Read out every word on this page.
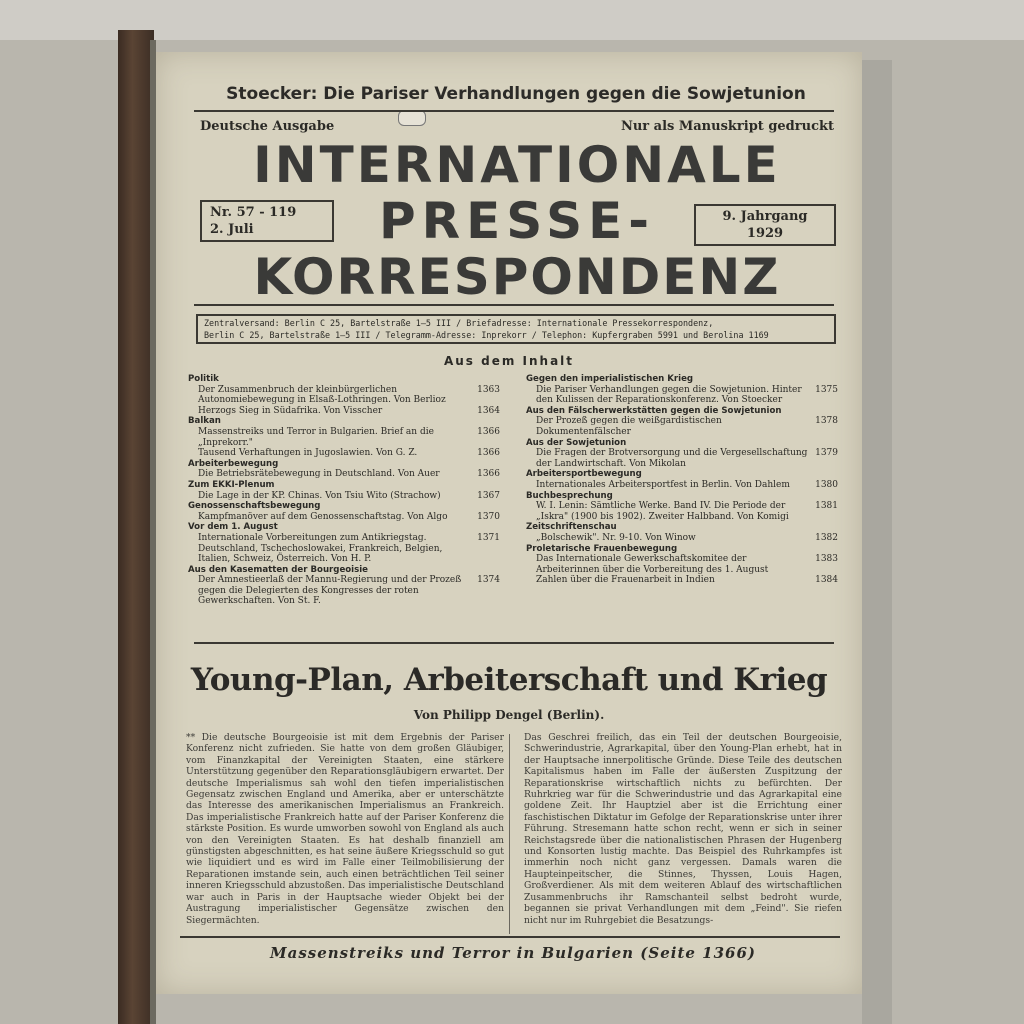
Stoecker: Die Pariser Verhandlungen gegen die Sowjetunion
Deutsche Ausgabe	Nur als Manuskript gedruckt
INTERNATIONALE
PRESSE-
KORRESPONDENZ
Nr. 57 - 119
2. Juli
9. Jahrgang
1929
Zentralversand: Berlin C 25, Bartelstraße 1—5 III / Briefadresse: Internationale Pressekorrespondenz,
Berlin C 25, Bartelstraße 1—5 III / Telegramm-Adresse: Inprekorr / Telephon: Kupfergraben 5991 und Berolina 1169
Aus dem Inhalt
Politik
Der Zusammenbruch der kleinbürgerlichen Autonomiebewegung in Elsaß-Lothringen. Von Berlioz
1363
Herzogs Sieg in Südafrika. Von Visscher	1364
Balkan
Massenstreiks und Terror in Bulgarien. Brief an die „Inprekorr."
1366
Tausend Verhaftungen in Jugoslawien. Von G. Z.	1366
Arbeiterbewegung
Die Betriebsrätebewegung in Deutschland. Von Auer	1366
Zum EKKI-Plenum
Die Lage in der KP. Chinas. Von Tsiu Wito (Strachow)	1367
Genossenschaftsbewegung
Kampfmanöver auf dem Genossenschaftstag. Von Algo	1370
Vor dem 1. August
Internationale Vorbereitungen zum Antikriegstag. Deutschland, Tschechoslowakei, Frankreich, Belgien, Italien, Schweiz, Österreich. Von H. P.
1371
Aus den Kasematten der Bourgeoisie
Der Amnestieerlaß der Mannu-Regierung und der Prozeß gegen die Delegierten des Kongresses der roten Gewerkschaften. Von St. F.
1374
Gegen den imperialistischen Krieg
Die Pariser Verhandlungen gegen die Sowjetunion. Hinter den Kulissen der Reparationskonferenz. Von Stoecker
1375
Aus den Fälscherwerkstätten gegen die Sowjetunion
Der Prozeß gegen die weißgardistischen Dokumentenfälscher
1378
Aus der Sowjetunion
Die Fragen der Brotversorgung und die Vergesellschaftung der Landwirtschaft. Von Mikolan
1379
Arbeitersportbewegung
Internationales Arbeitersportfest in Berlin. Von Dahlem	1380
Buchbesprechung
W. I. Lenin: Sämtliche Werke. Band IV. Die Periode der „Iskra" (1900 bis 1902). Zweiter Halbband. Von Komigi
1381
Zeitschriftenschau
„Bolschewik". Nr. 9-10. Von Winow	1382
Proletarische Frauenbewegung
Das Internationale Gewerkschaftskomitee der Arbeiterinnen über die Vorbereitung des 1. August
1383
Zahlen über die Frauenarbeit in Indien	1384
Young-Plan, Arbeiterschaft und Krieg
Von Philipp Dengel (Berlin).
** Die deutsche Bourgeoisie ist mit dem Ergebnis der Pariser Konferenz nicht zufrieden. Sie hatte von dem großen Gläubiger, vom Finanzkapital der Vereinigten Staaten, eine stärkere Unterstützung gegenüber den Reparationsgläubigern erwartet. Der deutsche Imperialismus sah wohl den tiefen imperialistischen Gegensatz zwischen England und Amerika, aber er unterschätzte das Interesse des amerikanischen Imperialismus an Frankreich. Das imperialistische Frankreich hatte auf der Pariser Konferenz die stärkste Position. Es wurde umworben sowohl von England als auch von den Vereinigten Staaten. Es hat deshalb finanziell am günstigsten abgeschnitten, es hat seine äußere Kriegsschuld so gut wie liquidiert und es wird im Falle einer Teilmobilisierung der Reparationen imstande sein, auch einen beträchtlichen Teil seiner inneren Kriegsschuld abzustoßen. Das imperialistische Deutschland war auch in Paris in der Hauptsache wieder Objekt bei der Austragung imperialistischer Gegensätze zwischen den Siegermächten.
Das Geschrei freilich, das ein Teil der deutschen Bourgeoisie, Schwerindustrie, Agrarkapital, über den Young-Plan erhebt, hat in der Hauptsache innerpolitische Gründe. Diese Teile des deutschen Kapitalismus haben im Falle der äußersten Zuspitzung der Reparationskrise wirtschaftlich nichts zu befürchten. Der Ruhrkrieg war für die Schwerindustrie und das Agrarkapital eine goldene Zeit. Ihr Hauptziel aber ist die Errichtung einer faschistischen Diktatur im Gefolge der Reparationskrise unter ihrer Führung. Stresemann hatte schon recht, wenn er sich in seiner Reichstagsrede über die nationalistischen Phrasen der Hugenberg und Konsorten lustig machte. Das Beispiel des Ruhrkampfes ist immerhin noch nicht ganz vergessen. Damals waren die Haupteinpeitscher, die Stinnes, Thyssen, Louis Hagen, Großverdiener. Als mit dem weiteren Ablauf des wirtschaftlichen Zusammenbruchs ihr Ramschanteil selbst bedroht wurde, begannen sie privat Verhandlungen mit dem „Feind". Sie riefen nicht nur im Ruhrgebiet die Besatzungs-
Massenstreiks und Terror in Bulgarien (Seite 1366)
